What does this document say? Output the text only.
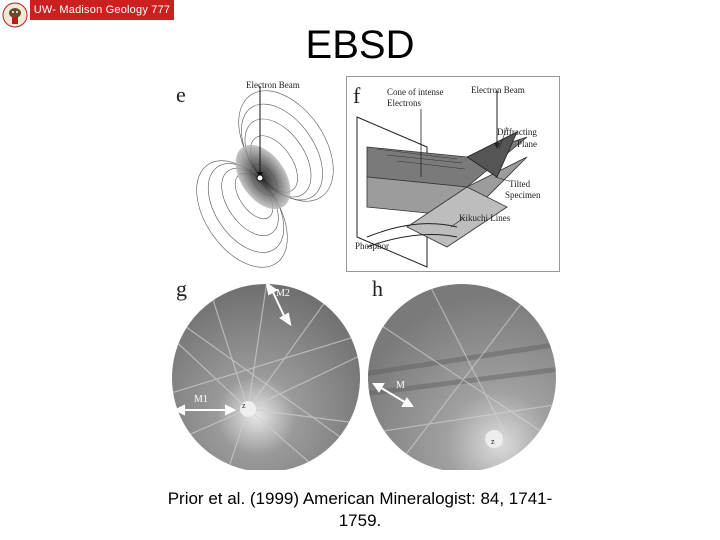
UW- Madison Geology 777
EBSD
e	Electron Beam f	Cone of intense
Electrons
Electron Beam
Diffracting
Plane
Tilted
Specimen
Kikuchi Lines
Phosphor
g	M2
M1
z
h
M
z
Prior et al. (1999) American Mineralogist: 84, 1741-
1759.
